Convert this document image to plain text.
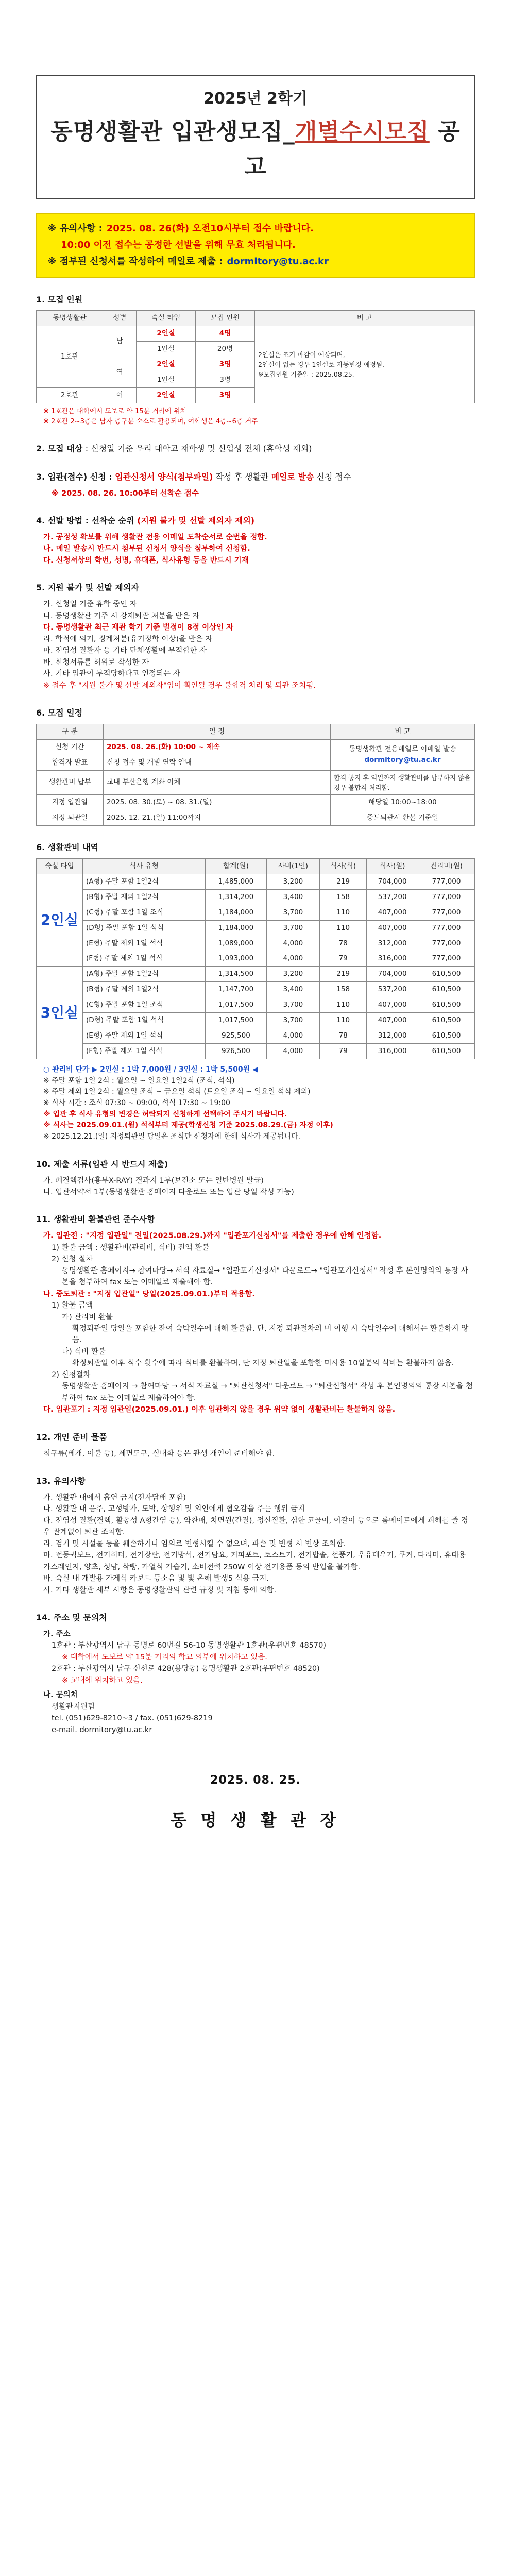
2025년 2학기
동명생활관 입관생모집_개별수시모집 공고
※ 유의사항 : 2025. 08. 26(화) 오전10시부터 접수 바랍니다.
10:00 이전 접수는 공정한 선발을 위해 무효 처리됩니다.
※ 점부된 신청서를 작성하여 메일로 제출 : dormitory@tu.ac.kr
1. 모집 인원
동명생활관	성별	숙실 타입	모집 인원	비 고
1호관	남	2인실	4명	2인실은 조기 마감이 예상되며,
2인실이 없는 경우 1인실로 자동변경 예정됨.
※모집인원 기준일 : 2025.08.25.

		1인실	20명	
	여	2인실	3명	
		1인실	3명	
2호관	여	2인실	3명	
※ 1호관은 대학에서 도보로 약 15분 거리에 위치
※ 2호관 2~3층은 남자 층구분 숙소로 활용되며, 여학생은 4층~6층 거주
2. 모집 대상 : 신청일 기준 우리 대학교 재학생 및 신입생 전체 (휴학생 제외)
3. 입관(접수) 신청 : 입관신청서 양식(첨부파일) 작성 후 생활관 메일로 발송 신청 접수
※ 2025. 08. 26. 10:00부터 선착순 접수
4. 선발 방법 : 선착순 순위 (지원 불가 및 선발 제외자 제외)
가. 공정성 확보를 위해 생활관 전용 이메일 도착순서로 순번을 정함.
나. 메일 발송시 반드시 첨부된 신청서 양식을 첨부하여 신청함.
다. 신청서상의 학번, 성명, 휴대폰, 식사유형 등을 반드시 기재
5. 지원 불가 및 선발 제외자
가. 신청일 기준 휴학 중인 자
나. 동명생활관 거주 시 강제퇴관 처분을 받은 자
다. 동명생활관 최근 재관 학기 기준 벌점이 8점 이상인 자
라. 학적에 의거, 징계처분(유기정학 이상)을 받은 자
마. 전염성 질환자 등 기타 단체생활에 부적합한 자
바. 신청서류를 허위로 작성한 자
사. 기타 입관이 부적당하다고 인정되는 자
※ 접수 후 "지원 불가 및 선발 제외자"임이 확인될 경우 불합격 처리 및 퇴관 조치됨.
6. 모집 일정
구 분	일 정	비 고
신청 기간	2025. 08. 26.(화) 10:00 ~ 제속	동명생활관 전용메일로 이메일 발송
dormitory@tu.ac.kr

합격자 발표	신청 접수 및 개별 연락 안내	
생활관비 납부	교내 부산은행 계좌 이체	합격 통지 후 익일까지 생활관비를 납부하지 않을 경우 불합격 처리함.
지정 입관일	2025. 08. 30.(토) ~ 08. 31.(일)	해당일 10:00~18:00
지정 퇴관일	2025. 12. 21.(일) 11:00까지	중도퇴관시 환불 기준일
6. 생활관비 내역
숙실 타입	식사 유형	합계(원)	사비(1인)	식사(식)	식사(원)	관리비(원)
2인실	(A형) 주말 포함 1일2식	1,485,000	3,200	219	704,000	777,000
	(B형) 주말 제외 1일2식	1,314,200	3,400	158	537,200	777,000
	(C형) 주말 포함 1일 조식	1,184,000	3,700	110	407,000	777,000
	(D형) 주말 포함 1일 석식	1,184,000	3,700	110	407,000	777,000
	(E형) 주말 제외 1일 석식	1,089,000	4,000	78	312,000	777,000
	(F형) 주말 제외 1일 석식	1,093,000	4,000	79	316,000	777,000
3인실	(A형) 주말 포함 1일2식	1,314,500	3,200	219	704,000	610,500
	(B형) 주말 제외 1일2식	1,147,700	3,400	158	537,200	610,500
	(C형) 주말 포함 1일 조식	1,017,500	3,700	110	407,000	610,500
	(D형) 주말 포함 1일 석식	1,017,500	3,700	110	407,000	610,500
	(E형) 주말 제외 1일 석식	925,500	4,000	78	312,000	610,500
	(F형) 주말 제외 1일 석식	926,500	4,000	79	316,000	610,500
○ 관리비 단가 ▶ 2인실 : 1박 7,000원 / 3인실 : 1박 5,500원 ◀
※ 주말 포함 1일 2식 : 월요일 ~ 일요일 1일2식 (조식, 석식)
※ 주말 제외 1일 2식 : 월요일 조식 ~ 금요일 석식 (토요일 조식 ~ 일요일 석식 제외)
※ 식사 시간 : 조식 07:30 ~ 09:00, 석식 17:30 ~ 19:00
※ 입관 후 식사 유형의 변경은 허락되지 신청하게 선택하여 주시기 바랍니다.
※ 식사는 2025.09.01.(월) 석식부터 제공(학생신청 기준 2025.08.29.(금) 자정 이후)
※ 2025.12.21.(일) 지정퇴관일 당일은 조식만 신청자에 한해 식사가 제공됩니다.
10. 제출 서류(입관 시 반드시 제출)
가. 폐결핵검사(흉부X-RAY) 결과지 1부(보건소 또는 일반병원 발급)
나. 입관서약서 1부(동명생활관 홈페이지 다운로드 또는 입관 당일 작성 가능)
11. 생활관비 환불관련 준수사항
가. 입관전 : "지정 입관일" 전일(2025.08.29.)까지 "입관포기신청서"를 제출한 경우에 한해 인정함.
1) 환불 금액 : 생활관비(관리비, 식비) 전액 환불
2) 신청 절차
동명생활관 홈페이지→ 참여마당→ 서식 자료실→ "입관포기신청서" 다운로드→ "입관포기신청서" 작성 후 본인명의의 통장 사본을 첨부하여 fax 또는 이메일로 제출해야 함.
나. 중도퇴관 : "지정 입관일" 당일(2025.09.01.)부터 적용함.
1) 환불 금액
가) 관리비 환불
확정퇴관일 당일을 포함한 잔여 숙박일수에 대해 환불함. 단, 지정 퇴관절차의 미 이행 시 숙박일수에 대해서는 환불하지 않음.
나) 식비 환불
확정퇴관일 이후 식수 횟수에 따라 식비를 환불하며, 단 지정 퇴관일을 포함한 미사용 10일분의 식비는 환불하지 않음.
2) 신청절차
동명생활관 홈페이지 → 참여마당 → 서식 자료실 → "퇴관신청서" 다운로드 → "퇴관신청서" 작성 후 본인명의의 통장 사본을 첨부하여 fax 또는 이메일로 제출하여야 함.
다. 입관포기 : 지정 입관일(2025.09.01.) 이후 입관하지 않을 경우 위약 없이 생활관비는 환불하지 않음.
12. 개인 준비 물품
침구류(베개, 이불 등), 세면도구, 실내화 등은 관생 개인이 준비해야 함.
13. 유의사항
가. 생활관 내에서 흡연 금지(전자담배 포함)
나. 생활관 내 음주, 고성방가, 도박, 상행위 및 외인에게 협오감을 주는 행위 금지
다. 전염성 질환(결핵, 활동성 A형간염 등), 약찬매, 치면원(간질), 정신질환, 심한 코골이, 이갈이 등으로 룸메이트에게 피해를 줄 경우 관계없이 퇴관 조치함.
라. 검기 및 시설물 등을 훼손하거나 임의로 변형시킬 수 없으며, 파손 및 변형 시 변상 조치함.
마. 전동퀵보드, 전기히터, 전기장판, 전기방석, 전기담요, 커피포트, 토스트기, 전기밥솥, 선풍기, 우유데우기, 쿠커, 다리미, 휴대용 가스레인지, 양초, 성냥, 삭빵, 가열식 가습기, 소비전력 250W 이상 전기용품 등의 반입을 불가함.
바. 숙실 내 개발용 가게식 카보드 등소움 및 빛 온해 발생5 식용 금지.
사. 기타 생활관 세부 사항은 동명생활관의 관련 규정 및 지침 등에 의함.
14. 주소 및 문의처
가. 주소
1호관 : 부산광역시 남구 동명로 60번길 56-10 동명생활관 1호관(우편번호 48570)
※ 대학에서 도보로 약 15분 거리의 학교 외부에 위치하고 있음.
2호관 : 부산광역시 남구 신선로 428(용당동) 동명생활관 2호관(우편번호 48520)
※ 교내에 위치하고 있음.
나. 문의처
생활관지원팀
tel. (051)629-8210~3 / fax. (051)629-8219
e-mail. dormitory@tu.ac.kr
2025. 08. 25.
동 명 생 활 관 장
